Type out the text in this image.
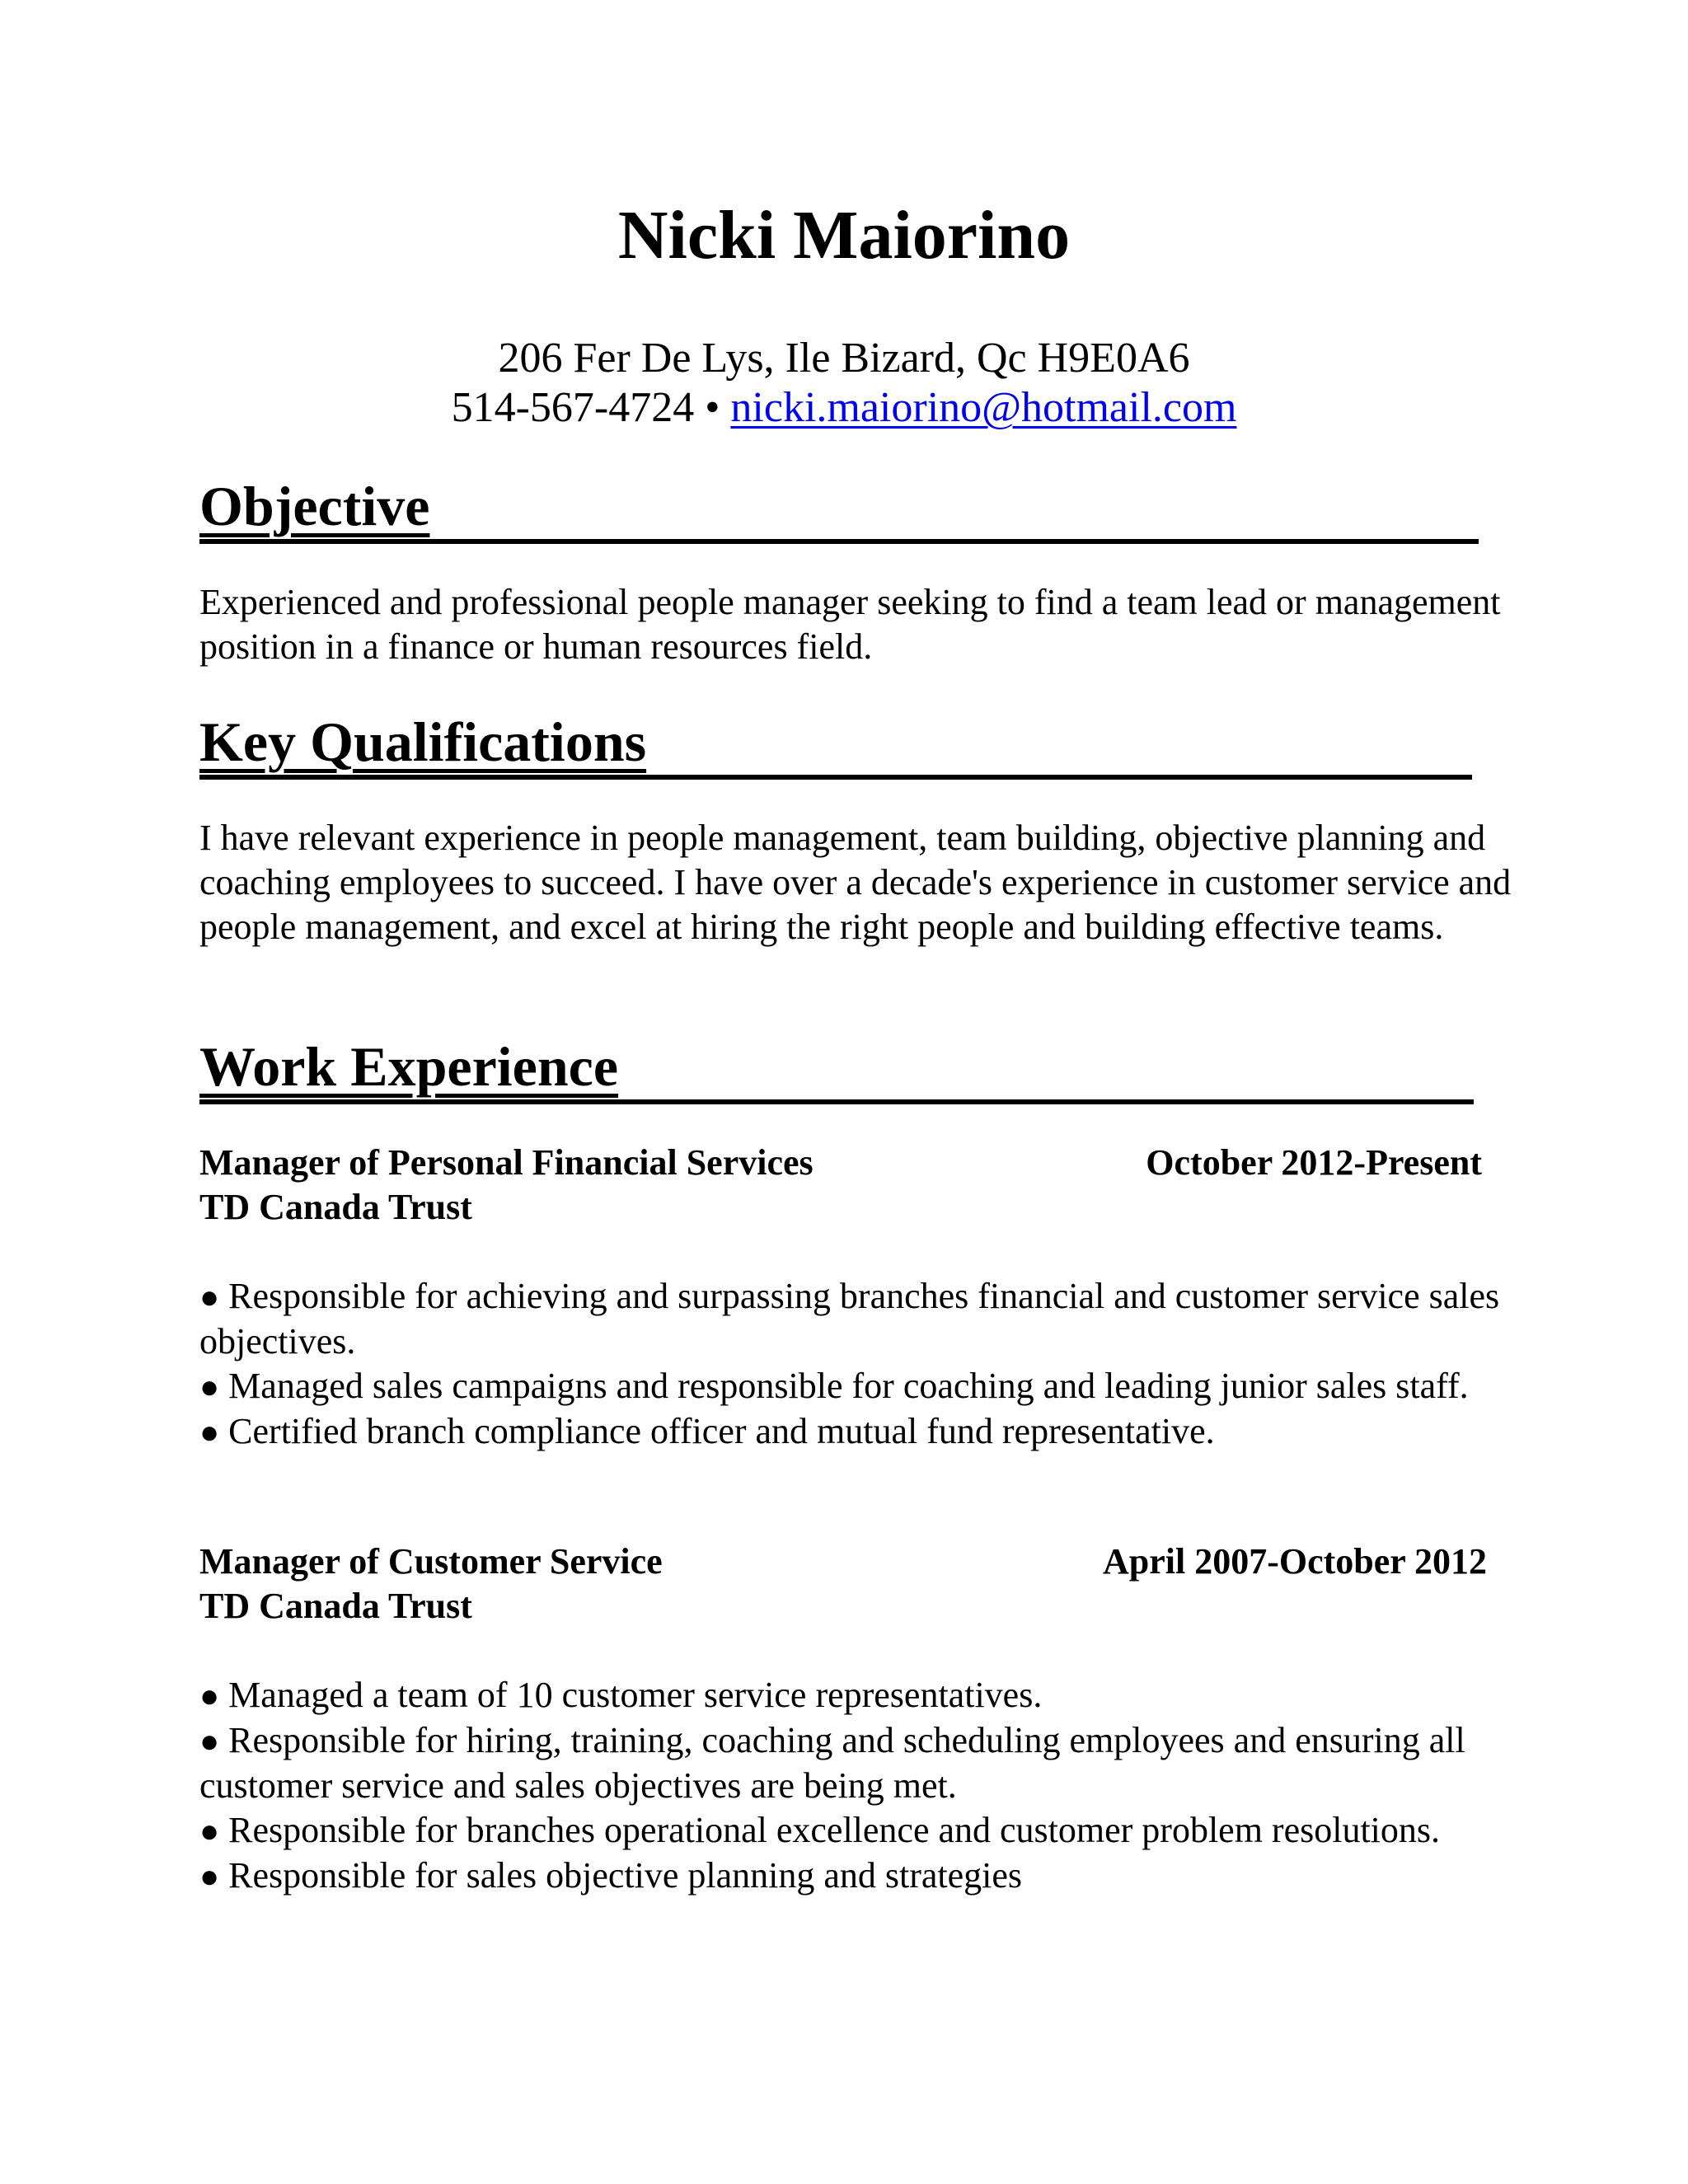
Nicki Maiorino
206 Fer De Lys, Ile Bizard, Qc H9E0A6
514-567-4724 • nicki.maiorino@hotmail.com
Objective
Experienced and professional people manager seeking to find a team lead or management position in a finance or human resources field.
Key Qualifications
I have relevant experience in people management, team building, objective planning and coaching employees to succeed. I have over a decade's experience in customer service and people management, and excel at hiring the right people and building effective teams.
Work Experience
Manager of Personal Financial Services	October 2012-Present
TD Canada Trust
● Responsible for achieving and surpassing branches financial and customer service sales objectives.
● Managed sales campaigns and responsible for coaching and leading junior sales staff.
● Certified branch compliance officer and mutual fund representative.
Manager of Customer Service	April 2007-October 2012
TD Canada Trust
● Managed a team of 10 customer service representatives.
● Responsible for hiring, training, coaching and scheduling employees and ensuring all customer service and sales objectives are being met.
● Responsible for branches operational excellence and customer problem resolutions.
● Responsible for sales objective planning and strategies
